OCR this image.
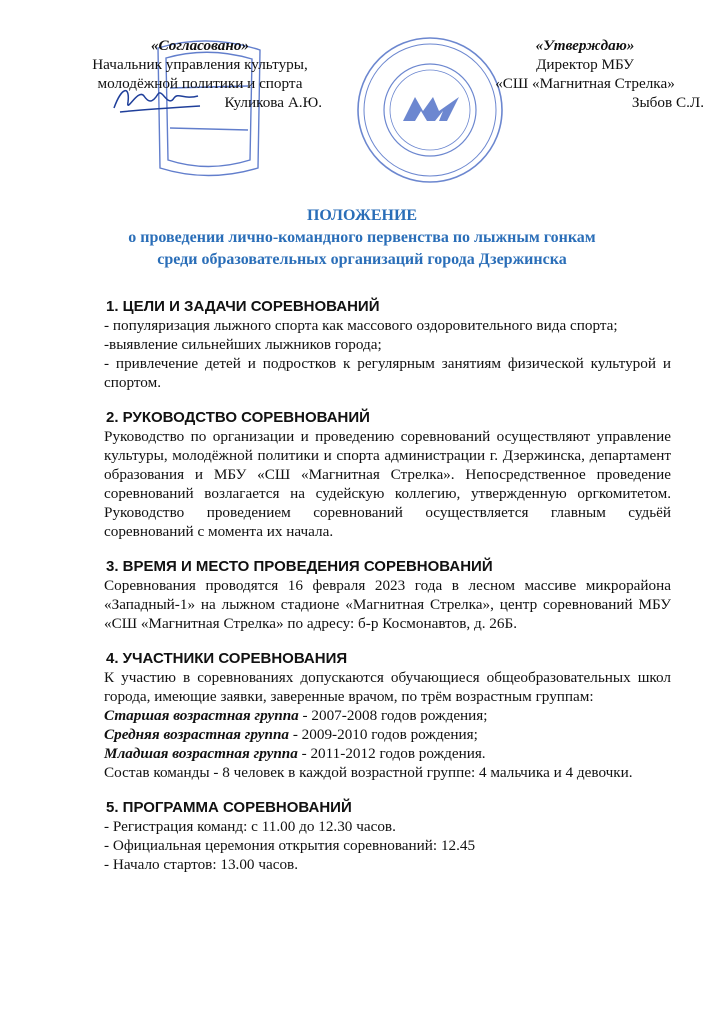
«Согласовано»
Начальник управления культуры,
молодёжной политики и спорта
Куликова А.Ю.
«Утверждаю»
Директор МБУ
«СШ «Магнитная Стрелка»
Зыбов С.Л.
ПОЛОЖЕНИЕ
о проведении лично-командного первенства по лыжным гонкам
среди образовательных организаций города Дзержинска
1. ЦЕЛИ И ЗАДАЧИ СОРЕВНОВАНИЙ

- популяризация лыжного спорта как массового оздоровительного вида спорта;

-выявление сильнейших лыжников города;

- привлечение детей и подростков к регулярным занятиям физической культурой и спортом.

2. РУКОВОДСТВО СОРЕВНОВАНИЙ

Руководство по организации и проведению соревнований осуществляют управление культуры, молодёжной политики и спорта администрации г. Дзержинска, департамент образования и МБУ «СШ «Магнитная Стрелка». Непосредственное проведение соревнований возлагается на судейскую коллегию, утвержденную оргкомитетом. Руководство проведением соревнований осуществляется главным судьёй соревнований с момента их начала.

3. ВРЕМЯ И МЕСТО ПРОВЕДЕНИЯ СОРЕВНОВАНИЙ

Соревнования проводятся 16 февраля 2023 года в лесном массиве микрорайона «Западный-1» на лыжном стадионе «Магнитная Стрелка», центр соревнований МБУ «СШ «Магнитная Стрелка» по адресу: б-р Космонавтов, д. 26Б.

4. УЧАСТНИКИ СОРЕВНОВАНИЯ

К участию в соревнованиях допускаются обучающиеся общеобразовательных школ города, имеющие заявки, заверенные врачом, по трём возрастным группам:

Старшая возрастная группа - 2007-2008 годов рождения;

Средняя возрастная группа - 2009-2010 годов рождения;

Младшая возрастная группа - 2011-2012 годов рождения.

Состав команды - 8 человек в каждой возрастной группе: 4 мальчика и 4 девочки.

5. ПРОГРАММА СОРЕВНОВАНИЙ

- Регистрация команд: с 11.00 до 12.30 часов.

- Официальная церемония открытия соревнований: 12.45

- Начало стартов: 13.00 часов.
